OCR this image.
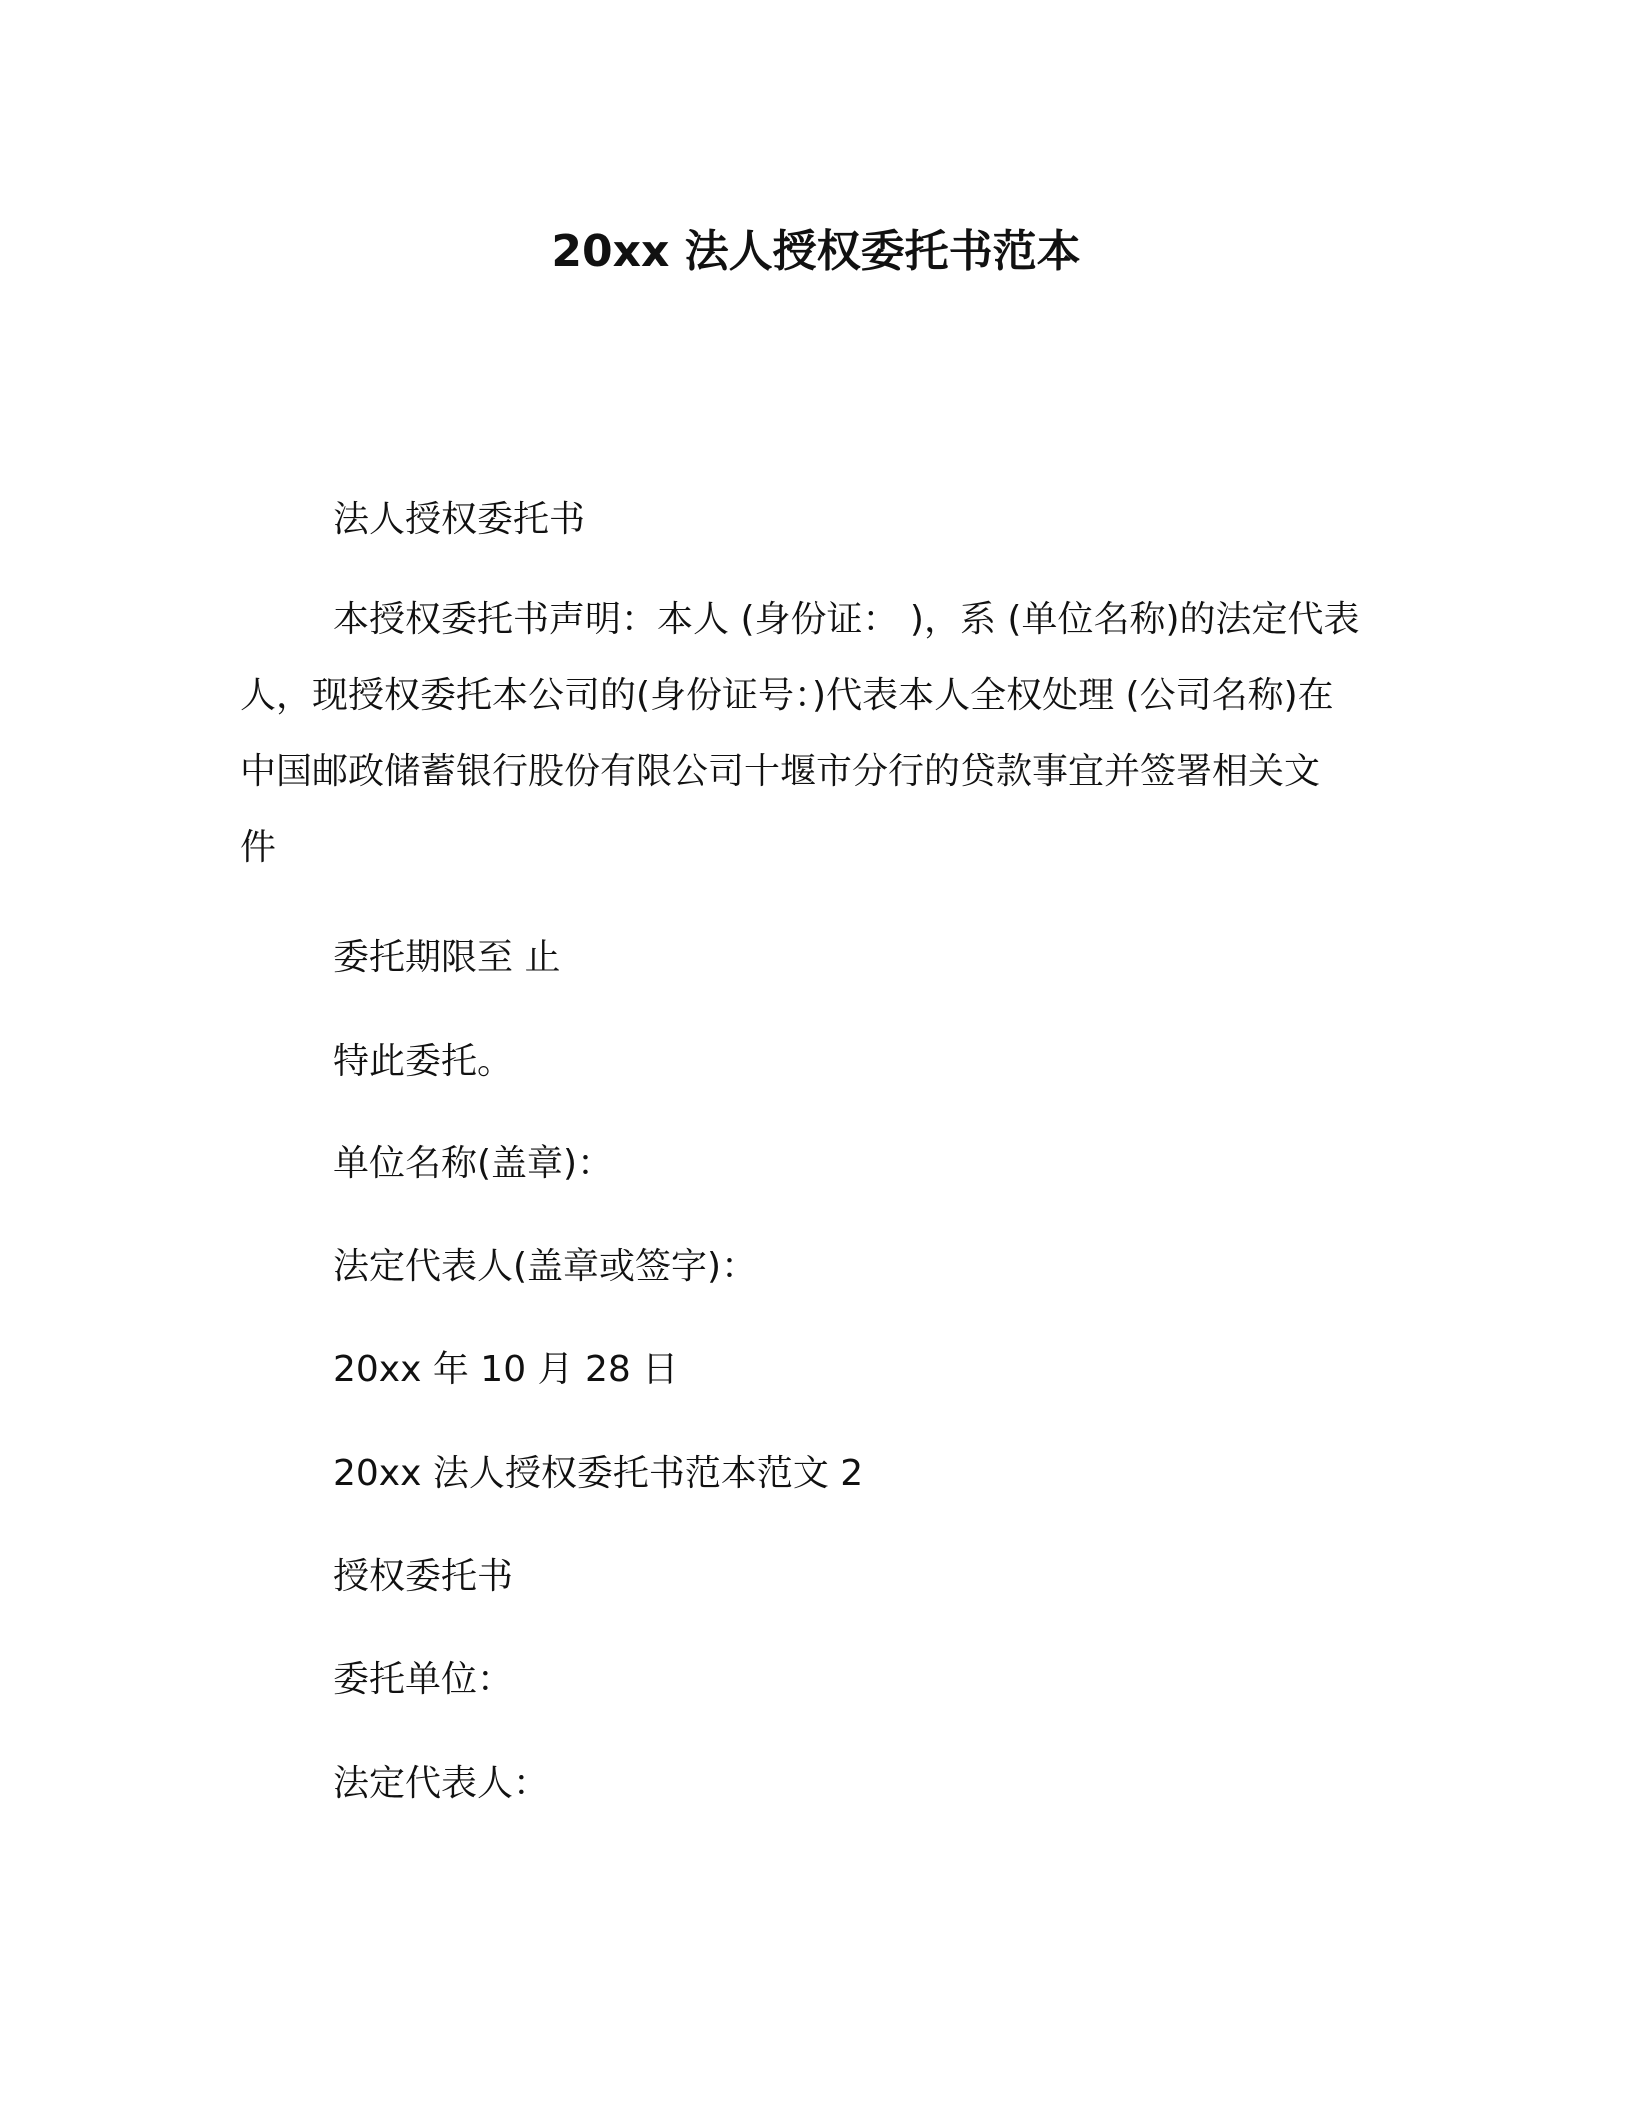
20xx 法人授权委托书范本
法人授权委托书
本授权委托书声明：本人 (身份证： )，系 (单位名称)的法定代表
人，现授权委托本公司的(身份证号：)代表本人全权处理 (公司名称)在
中国邮政储蓄银行股份有限公司十堰市分行的贷款事宜并签署相关文
件
委托期限至 止
特此委托。
单位名称(盖章)：
法定代表人(盖章或签字)：
20xx 年 10 月 28 日
20xx 法人授权委托书范本范文 2
授权委托书
委托单位：
法定代表人：
